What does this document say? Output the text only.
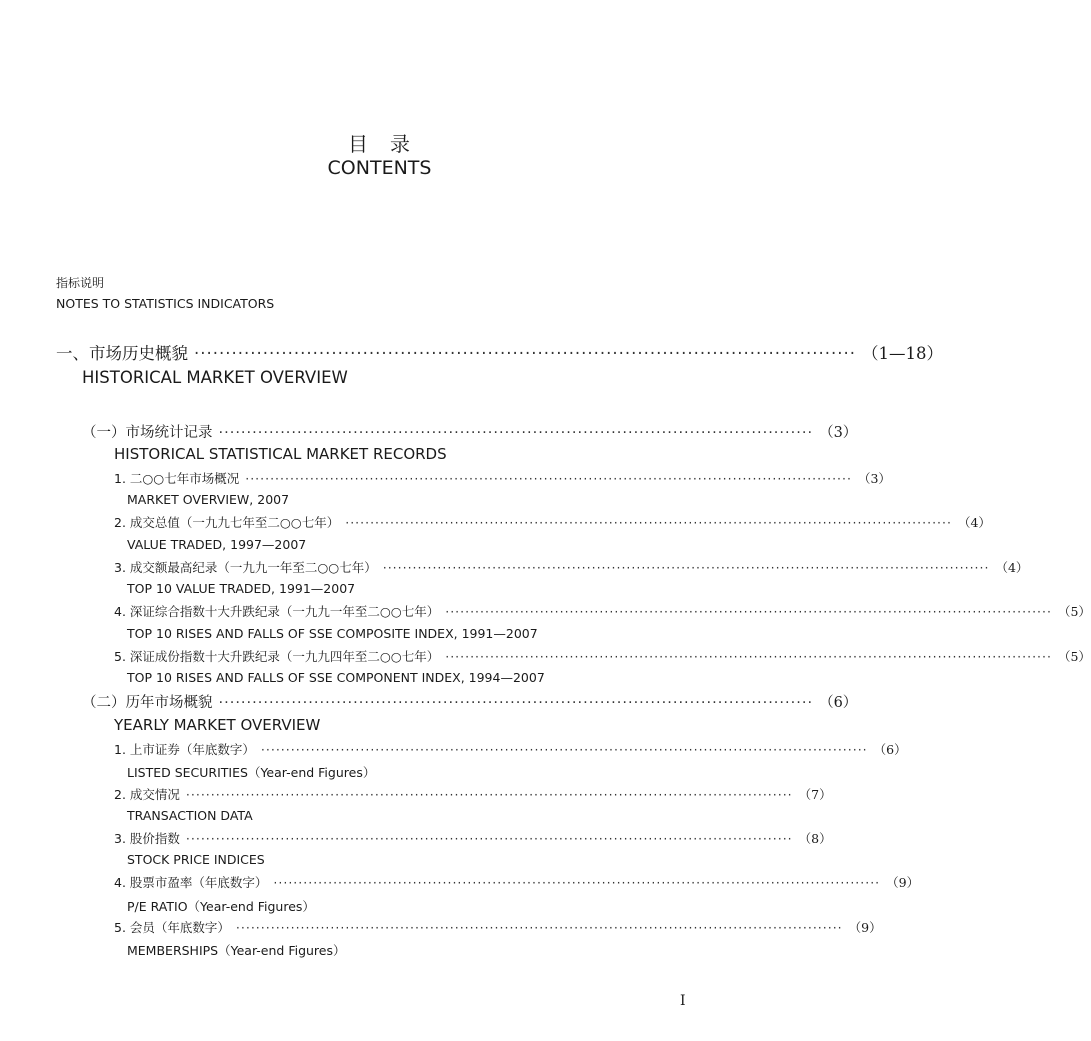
目　录
CONTENTS
指标说明
NOTES TO STATISTICS INDICATORS
一、市场历史概貌 ·········································································································· （1—18）
HISTORICAL MARKET OVERVIEW
（一）市场统计记录 ·········································································································· （3）
HISTORICAL STATISTICAL MARKET RECORDS
1. 二○○七年市场概况 ·························································································································· （3）
MARKET OVERVIEW, 2007
2. 成交总值（一九九七年至二○○七年） ·························································································································· （4）
VALUE TRADED, 1997—2007
3. 成交额最高纪录（一九九一年至二○○七年） ·························································································································· （4）
TOP 10 VALUE TRADED, 1991—2007
4. 深证综合指数十大升跌纪录（一九九一年至二○○七年） ·························································································································· （5）
TOP 10 RISES AND FALLS OF SSE COMPOSITE INDEX, 1991—2007
5. 深证成份指数十大升跌纪录（一九九四年至二○○七年） ·························································································································· （5）
TOP 10 RISES AND FALLS OF SSE COMPONENT INDEX, 1994—2007
（二）历年市场概貌 ·········································································································· （6）
YEARLY MARKET OVERVIEW
1. 上市证券（年底数字） ·························································································································· （6）
LISTED SECURITIES（Year-end Figures）
2. 成交情况 ·························································································································· （7）
TRANSACTION DATA
3. 股价指数 ·························································································································· （8）
STOCK PRICE INDICES
4. 股票市盈率（年底数字） ·························································································································· （9）
P/E RATIO（Year-end Figures）
5. 会员（年底数字） ·························································································································· （9）
MEMBERSHIPS（Year-end Figures）
I
